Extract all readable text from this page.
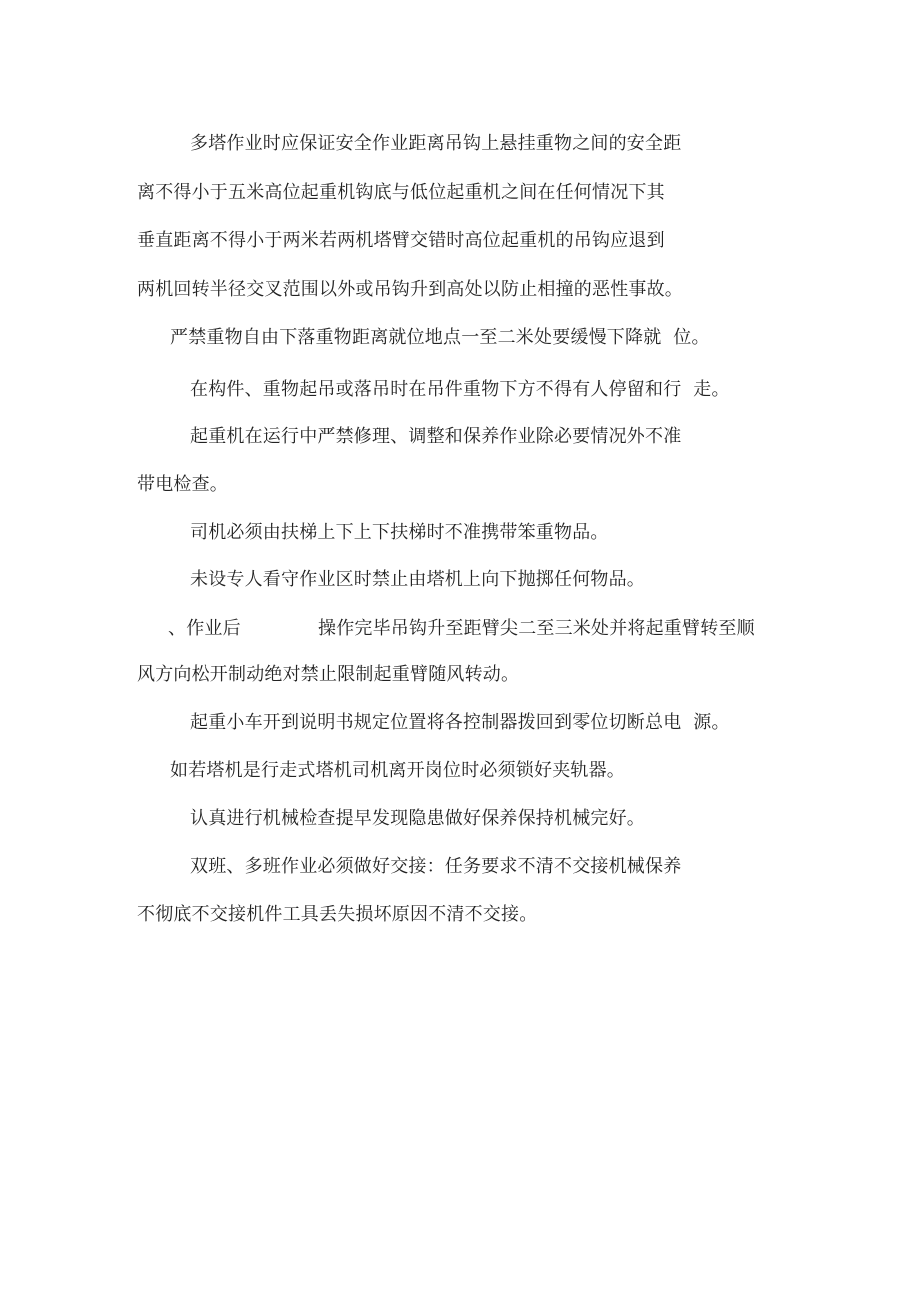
多塔作业时应保证安全作业距离吊钩上悬挂重物之间的安全距
离不得小于五米高位起重机钩底与低位起重机之间在任何情况下其
垂直距离不得小于两米若两机塔臂交错时高位起重机的吊钩应退到
两机回转半径交叉范围以外或吊钩升到高处以防止相撞的恶性事故。
严禁重物自由下落重物距离就位地点一至二米处要缓慢下降就  位。
在构件、重物起吊或落吊时在吊件重物下方不得有人停留和行  走。
起重机在运行中严禁修理、调整和保养作业除必要情况外不准
带电检查。
司机必须由扶梯上下上下扶梯时不准携带笨重物品。
未设专人看守作业区时禁止由塔机上向下抛掷任何物品。
、作业后	操作完毕吊钩升至距臂尖二至三米处并将起重臂转至顺
风方向松开制动绝对禁止限制起重臂随风转动。
起重小车开到说明书规定位置将各控制器拨回到零位切断总电  源。
如若塔机是行走式塔机司机离开岗位时必须锁好夹轨器。
认真进行机械检查提早发现隐患做好保养保持机械完好。
双班、多班作业必须做好交接：任务要求不清不交接机械保养
不彻底不交接机件工具丢失损坏原因不清不交接。
